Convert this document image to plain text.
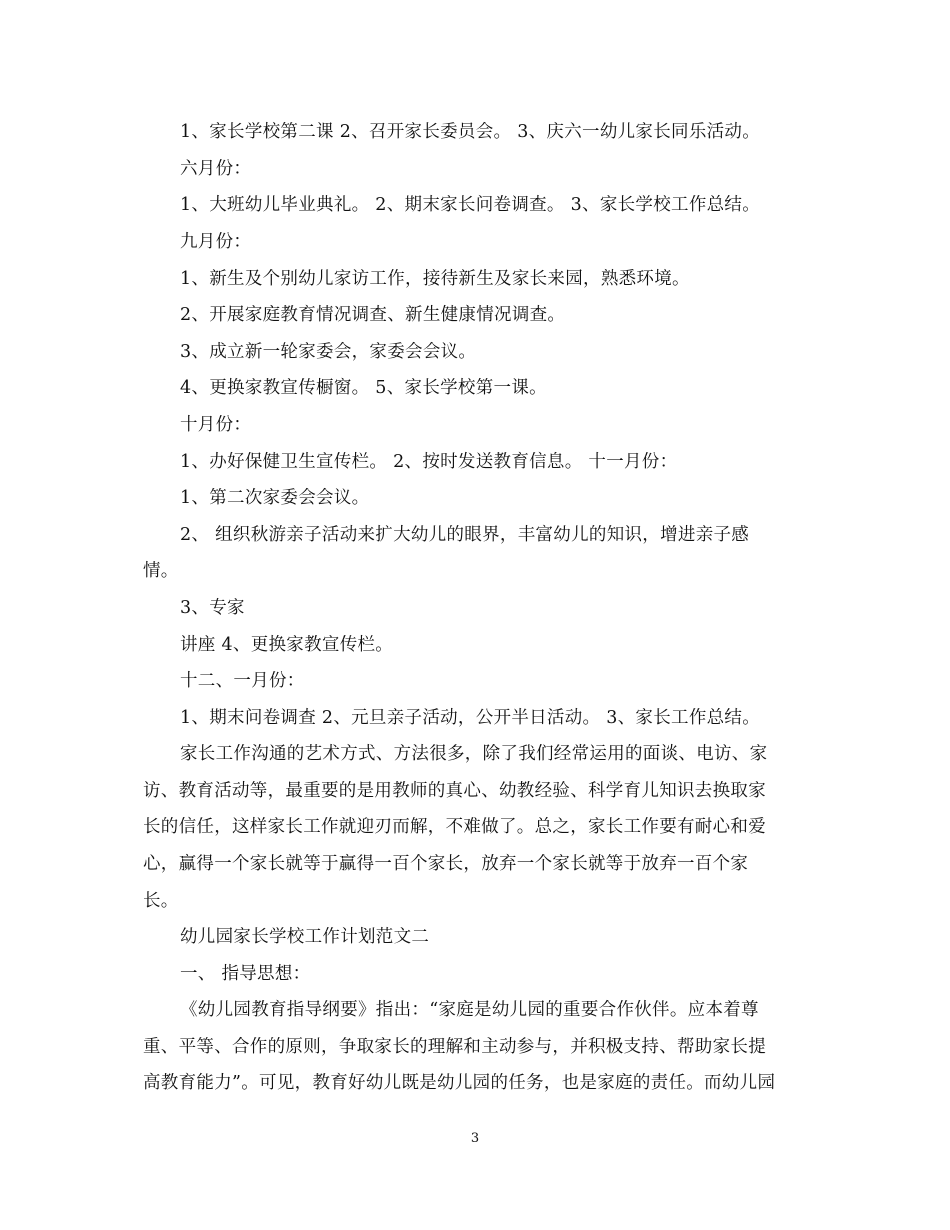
1、家长学校第二课 2、召开家长委员会。 3、庆六一幼儿家长同乐活动。
六月份：
1、大班幼儿毕业典礼。 2、期末家长问卷调查。 3、家长学校工作总结。
九月份：
1、新生及个别幼儿家访工作，接待新生及家长来园，熟悉环境。
2、开展家庭教育情况调查、新生健康情况调查。
3、成立新一轮家委会，家委会会议。
4、更换家教宣传橱窗。 5、家长学校第一课。
十月份：
1、办好保健卫生宣传栏。 2、按时发送教育信息。 十一月份：
1、第二次家委会会议。
2、 组织秋游亲子活动来扩大幼儿的眼界，丰富幼儿的知识，增进亲子感
情。
3、专家
讲座 4、更换家教宣传栏。
十二、一月份：
1、期末问卷调查 2、元旦亲子活动，公开半日活动。 3、家长工作总结。
家长工作沟通的艺术方式、方法很多，除了我们经常运用的面谈、电访、家
访、教育活动等，最重要的是用教师的真心、幼教经验、科学育儿知识去换取家
长的信任，这样家长工作就迎刃而解，不难做了。总之，家长工作要有耐心和爱
心，赢得一个家长就等于赢得一百个家长，放弃一个家长就等于放弃一百个家
长。
幼儿园家长学校工作计划范文二
一、 指导思想：
《幼儿园教育指导纲要》指出：“家庭是幼儿园的重要合作伙伴。应本着尊
重、平等、合作的原则，争取家长的理解和主动参与，并积极支持、帮助家长提
高教育能力”。可见，教育好幼儿既是幼儿园的任务，也是家庭的责任。而幼儿园
3
